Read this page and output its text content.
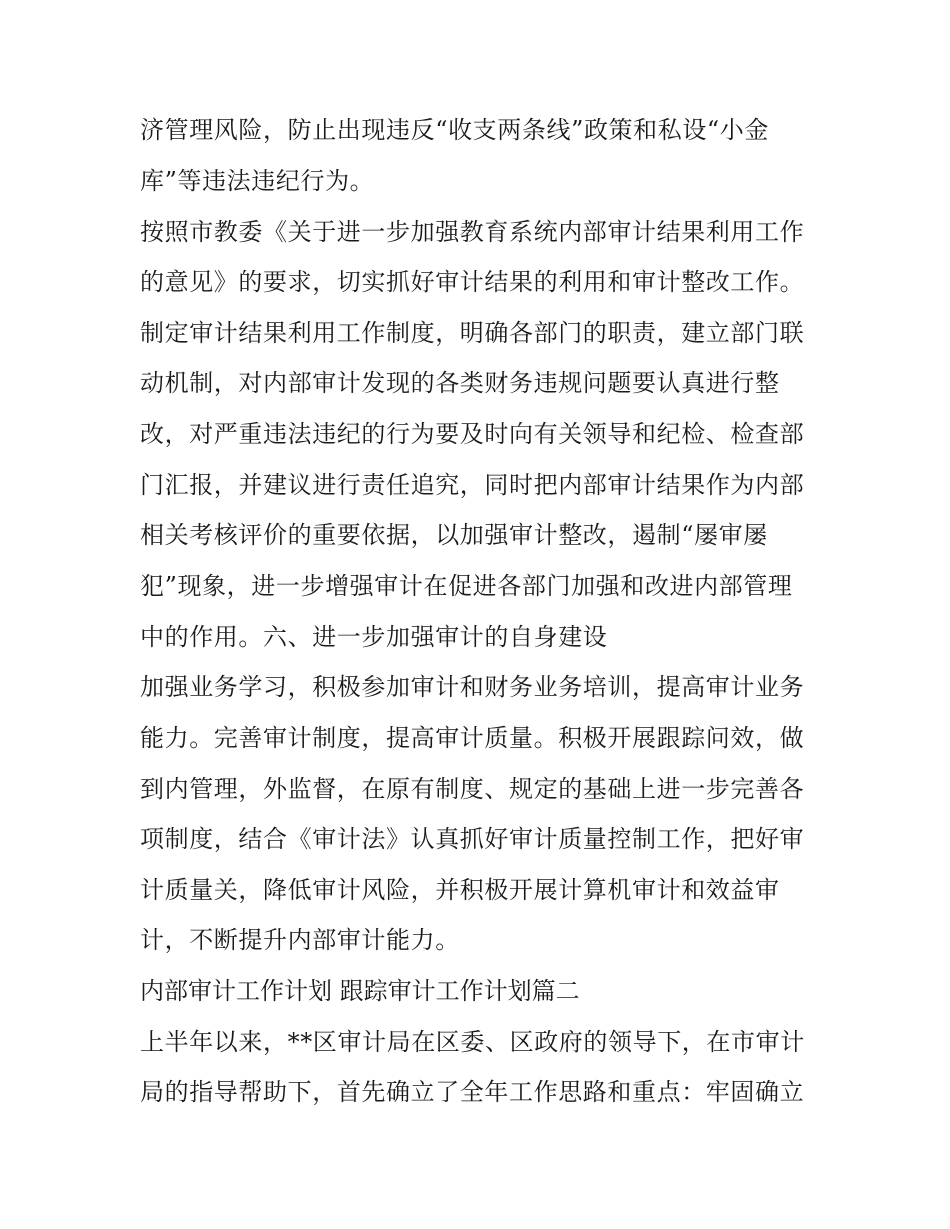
济管理风险，防止出现违反“收支两条线”政策和私设“小金

库”等违法违纪行为。

按照市教委《关于进一步加强教育系统内部审计结果利用工作

的意见》的要求，切实抓好审计结果的利用和审计整改工作。

制定审计结果利用工作制度，明确各部门的职责，建立部门联

动机制，对内部审计发现的各类财务违规问题要认真进行整

改，对严重违法违纪的行为要及时向有关领导和纪检、检查部

门汇报，并建议进行责任追究，同时把内部审计结果作为内部

相关考核评价的重要依据，以加强审计整改，遏制“屡审屡

犯”现象，进一步增强审计在促进各部门加强和改进内部管理

中的作用。六、进一步加强审计的自身建设

加强业务学习，积极参加审计和财务业务培训，提高审计业务

能力。完善审计制度，提高审计质量。积极开展跟踪问效，做

到内管理，外监督，在原有制度、规定的基础上进一步完善各

项制度，结合《审计法》认真抓好审计质量控制工作，把好审

计质量关，降低审计风险，并积极开展计算机审计和效益审

计，不断提升内部审计能力。

内部审计工作计划 跟踪审计工作计划篇二

上半年以来，**区审计局在区委、区政府的领导下，在市审计

局的指导帮助下，首先确立了全年工作思路和重点：牢固确立
